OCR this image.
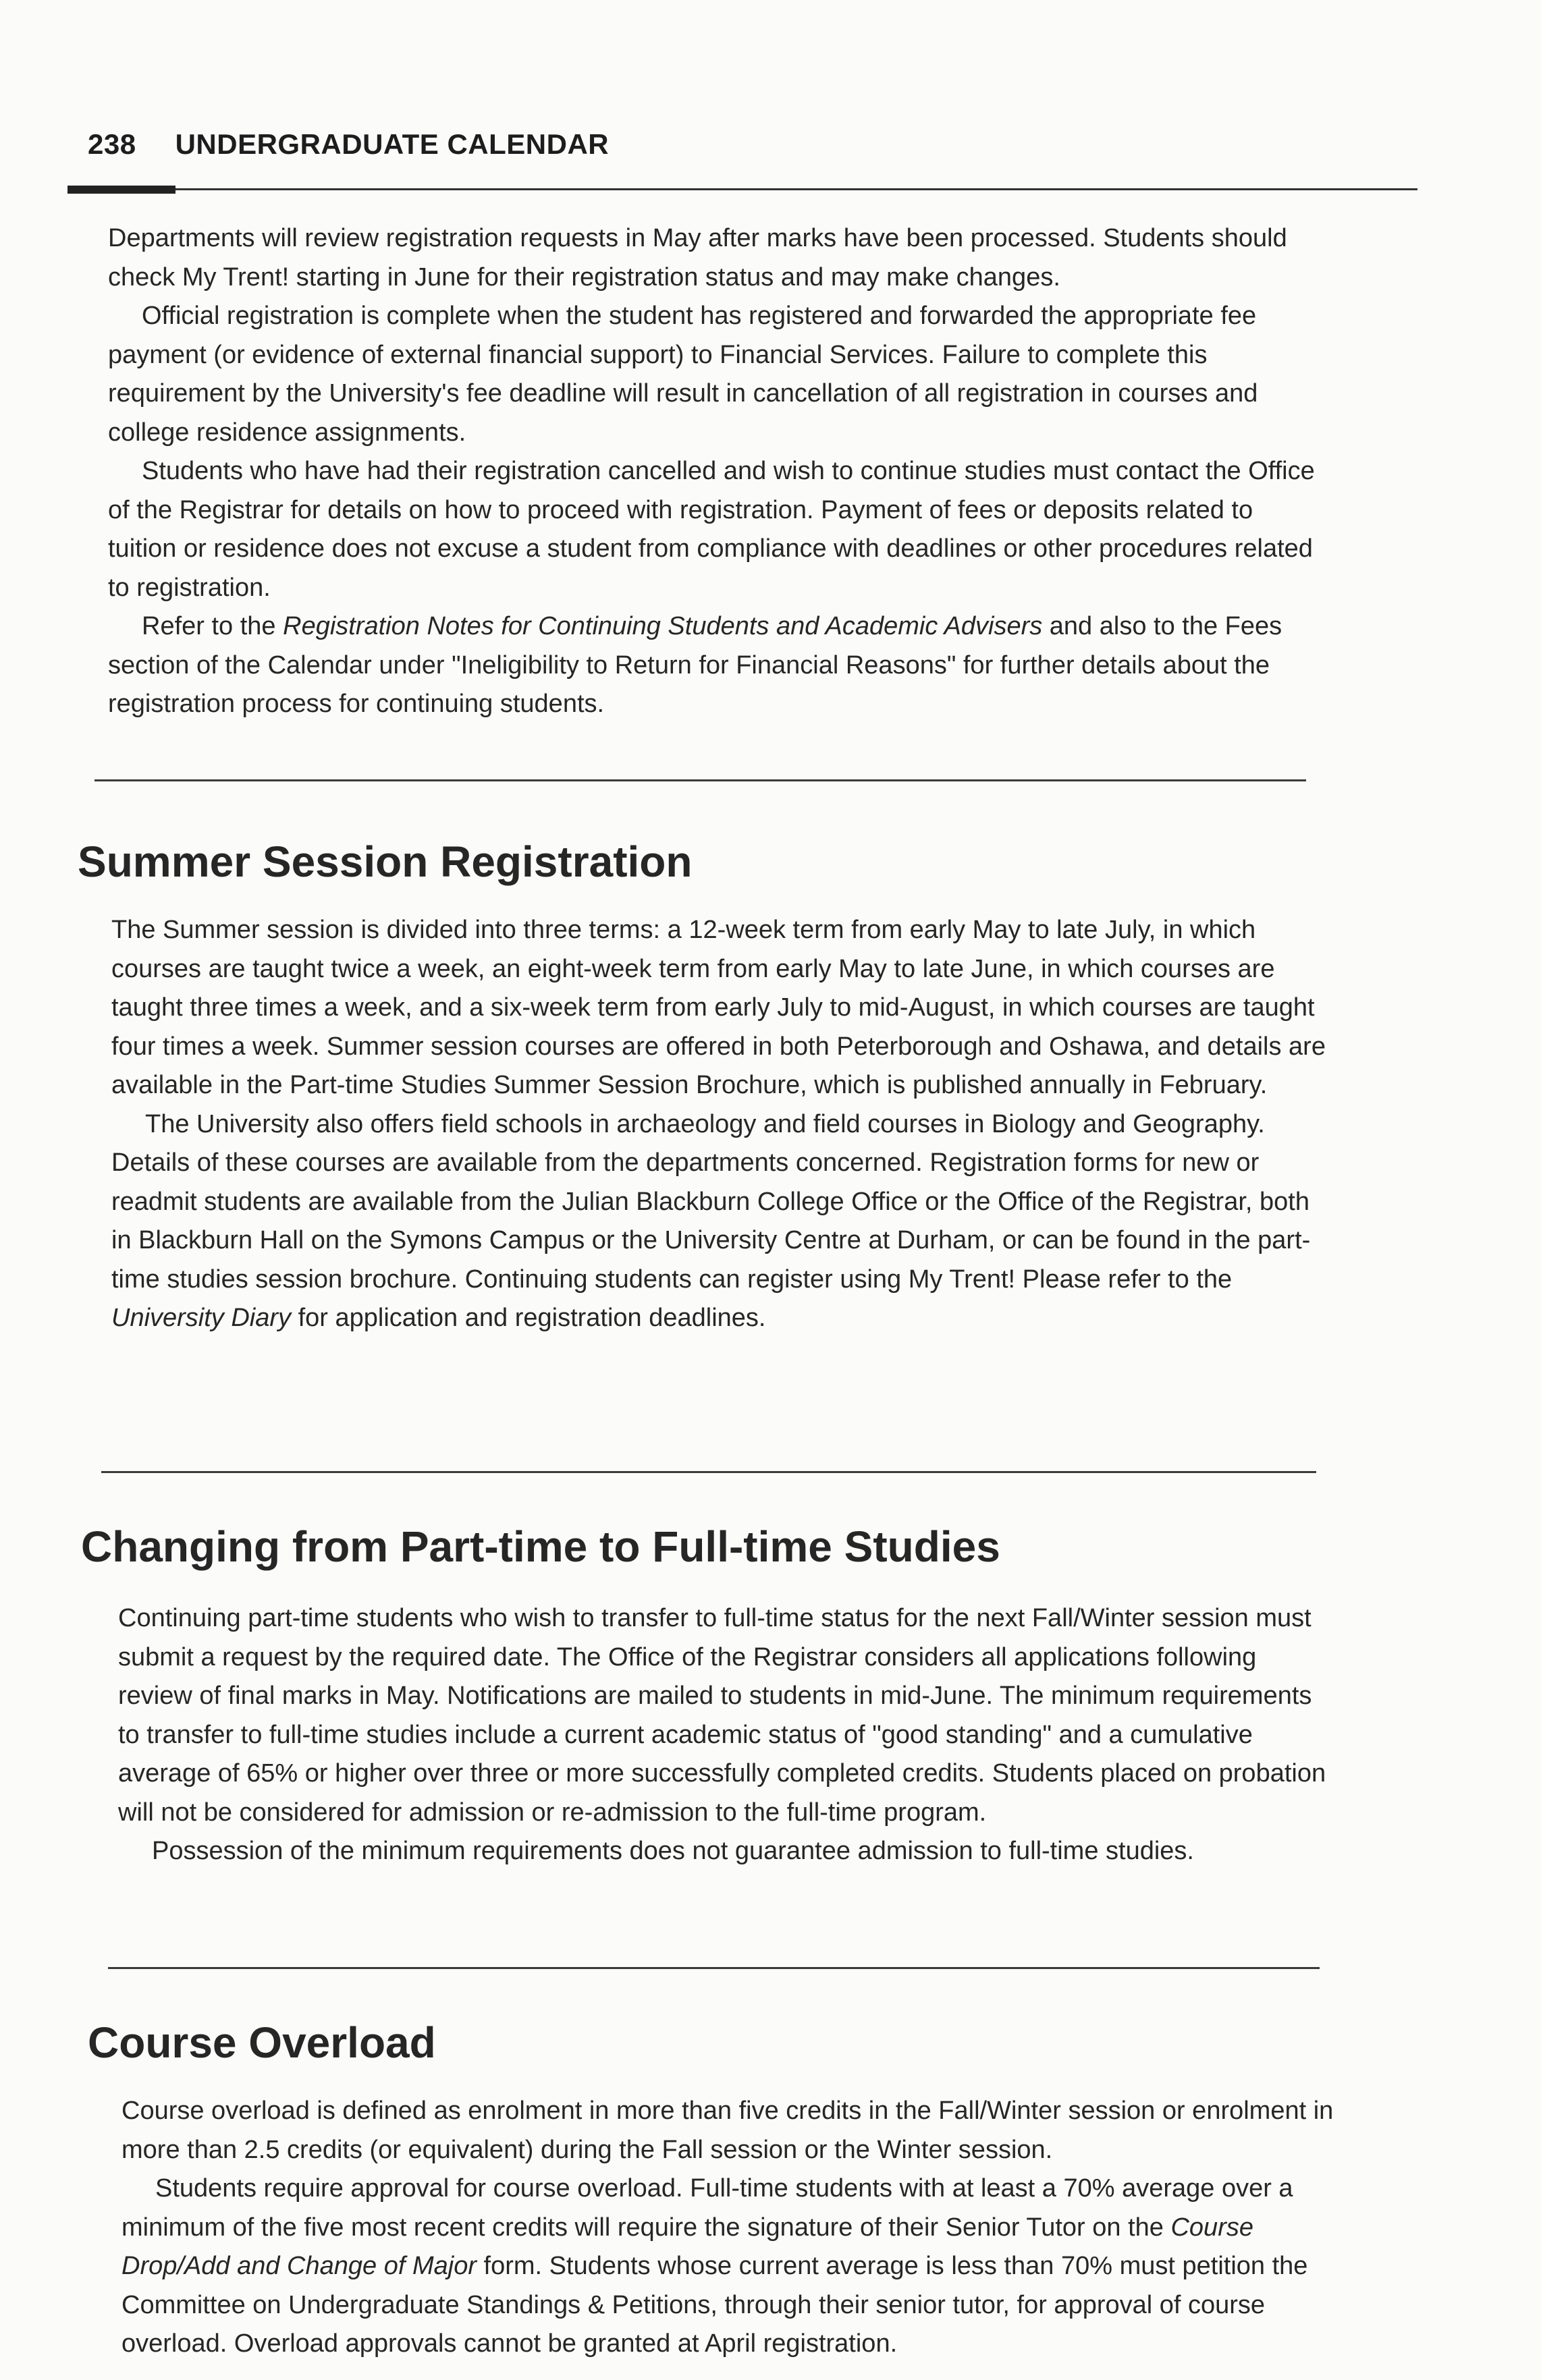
238 UNDERGRADUATE CALENDAR

Departments will review registration requests in May after marks have been processed. Students should check My Trent! starting in June for their registration status and may make changes.

Official registration is complete when the student has registered and forwarded the appropriate fee payment (or evidence of external financial support) to Financial Services. Failure to complete this requirement by the University's fee deadline will result in cancellation of all registration in courses and college residence assignments.

Students who have had their registration cancelled and wish to continue studies must contact the Office of the Registrar for details on how to proceed with registration. Payment of fees or deposits related to tuition or residence does not excuse a student from compliance with deadlines or other procedures related to registration.

Refer to the Registration Notes for Continuing Students and Academic Advisers and also to the Fees section of the Calendar under "Ineligibility to Return for Financial Reasons" for further details about the registration process for continuing students.

Summer Session Registration

The Summer session is divided into three terms: a 12-week term from early May to late July, in which courses are taught twice a week, an eight-week term from early May to late June, in which courses are taught three times a week, and a six-week term from early July to mid-August, in which courses are taught four times a week. Summer session courses are offered in both Peterborough and Oshawa, and details are available in the Part-time Studies Summer Session Brochure, which is published annually in February.

The University also offers field schools in archaeology and field courses in Biology and Geography. Details of these courses are available from the departments concerned. Registration forms for new or readmit students are available from the Julian Blackburn College Office or the Office of the Registrar, both in Blackburn Hall on the Symons Campus or the University Centre at Durham, or can be found in the part-time studies session brochure. Continuing students can register using My Trent! Please refer to the University Diary for application and registration deadlines.

Changing from Part-time to Full-time Studies

Continuing part-time students who wish to transfer to full-time status for the next Fall/Winter session must submit a request by the required date. The Office of the Registrar considers all applications following review of final marks in May. Notifications are mailed to students in mid-June. The minimum requirements to transfer to full-time studies include a current academic status of "good standing" and a cumulative average of 65% or higher over three or more successfully completed credits. Students placed on probation will not be considered for admission or re-admission to the full-time program.

Possession of the minimum requirements does not guarantee admission to full-time studies.

Course Overload

Course overload is defined as enrolment in more than five credits in the Fall/Winter session or enrolment in more than 2.5 credits (or equivalent) during the Fall session or the Winter session.

Students require approval for course overload. Full-time students with at least a 70% average over a minimum of the five most recent credits will require the signature of their Senior Tutor on the Course Drop/Add and Change of Major form. Students whose current average is less than 70% must petition the Committee on Undergraduate Standings & Petitions, through their senior tutor, for approval of course overload. Overload approvals cannot be granted at April registration.
